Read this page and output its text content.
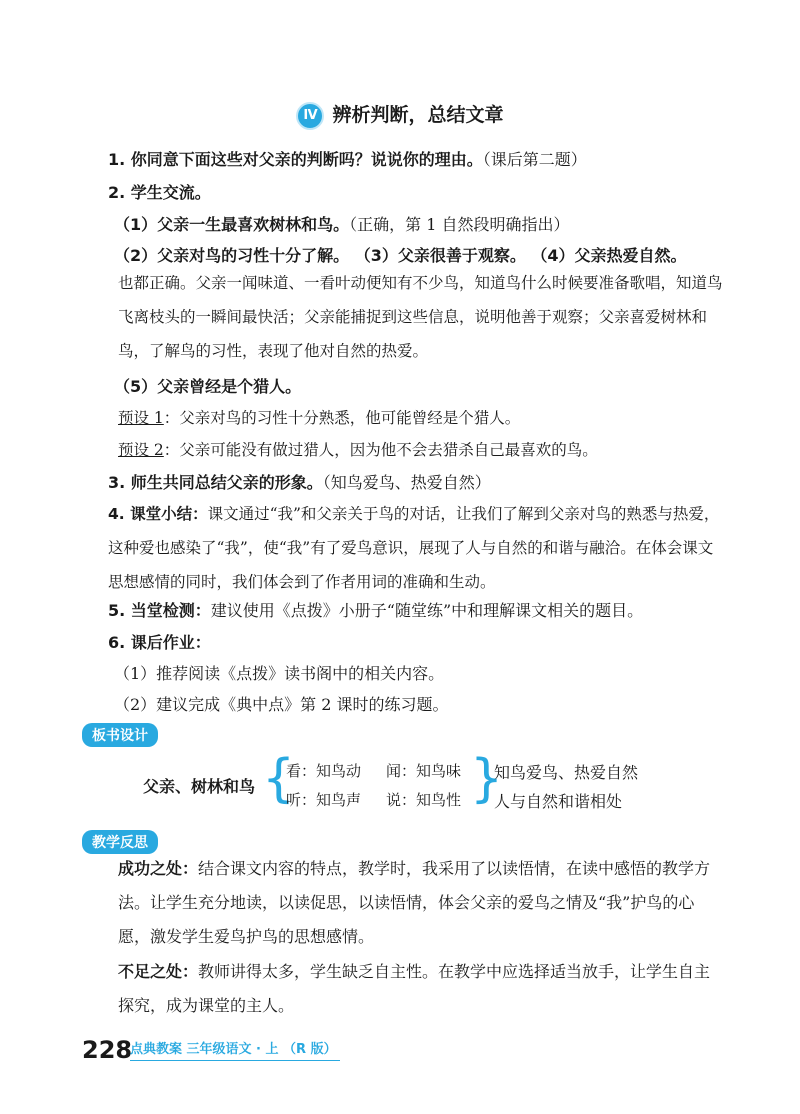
Ⅳ 辨析判断，总结文章
1. 你同意下面这些对父亲的判断吗？说说你的理由。（课后第二题）
2. 学生交流。
（1）父亲一生最喜欢树林和鸟。（正确，第 1 自然段明确指出）
（2）父亲对鸟的习性十分了解。 （3）父亲很善于观察。 （4）父亲热爱自然。
也都正确。父亲一闻味道、一看叶动便知有不少鸟，知道鸟什么时候要准备歌唱，知道鸟飞离枝头的一瞬间最快活；父亲能捕捉到这些信息，说明他善于观察；父亲喜爱树林和鸟，了解鸟的习性，表现了他对自然的热爱。
（5）父亲曾经是个猎人。
预设 1：父亲对鸟的习性十分熟悉，他可能曾经是个猎人。
预设 2：父亲可能没有做过猎人，因为他不会去猎杀自己最喜欢的鸟。
3. 师生共同总结父亲的形象。（知鸟爱鸟、热爱自然）
4. 课堂小结：课文通过“我”和父亲关于鸟的对话，让我们了解到父亲对鸟的熟悉与热爱，这种爱也感染了“我”，使“我”有了爱鸟意识，展现了人与自然的和谐与融洽。在体会课文思想感情的同时，我们体会到了作者用词的准确和生动。
5. 当堂检测：建议使用《点拨》小册子“随堂练”中和理解课文相关的题目。
6. 课后作业：
（1）推荐阅读《点拨》读书阁中的相关内容。
（2）建议完成《典中点》第 2 课时的练习题。
板书设计
父亲、树林和鸟 {
看：知鸟动 闻：知鸟味
听：知鸟声 说：知鸟性 }
知鸟爱鸟、热爱自然
人与自然和谐相处
教学反思
成功之处：结合课文内容的特点，教学时，我采用了以读悟情，在读中感悟的教学方法。让学生充分地读，以读促思，以读悟情，体会父亲的爱鸟之情及“我”护鸟的心愿，激发学生爱鸟护鸟的思想感情。
不足之处：教师讲得太多，学生缺乏自主性。在教学中应选择适当放手，让学生自主探究，成为课堂的主人。
228
点典教案 三年级语文 · 上 （R 版）
